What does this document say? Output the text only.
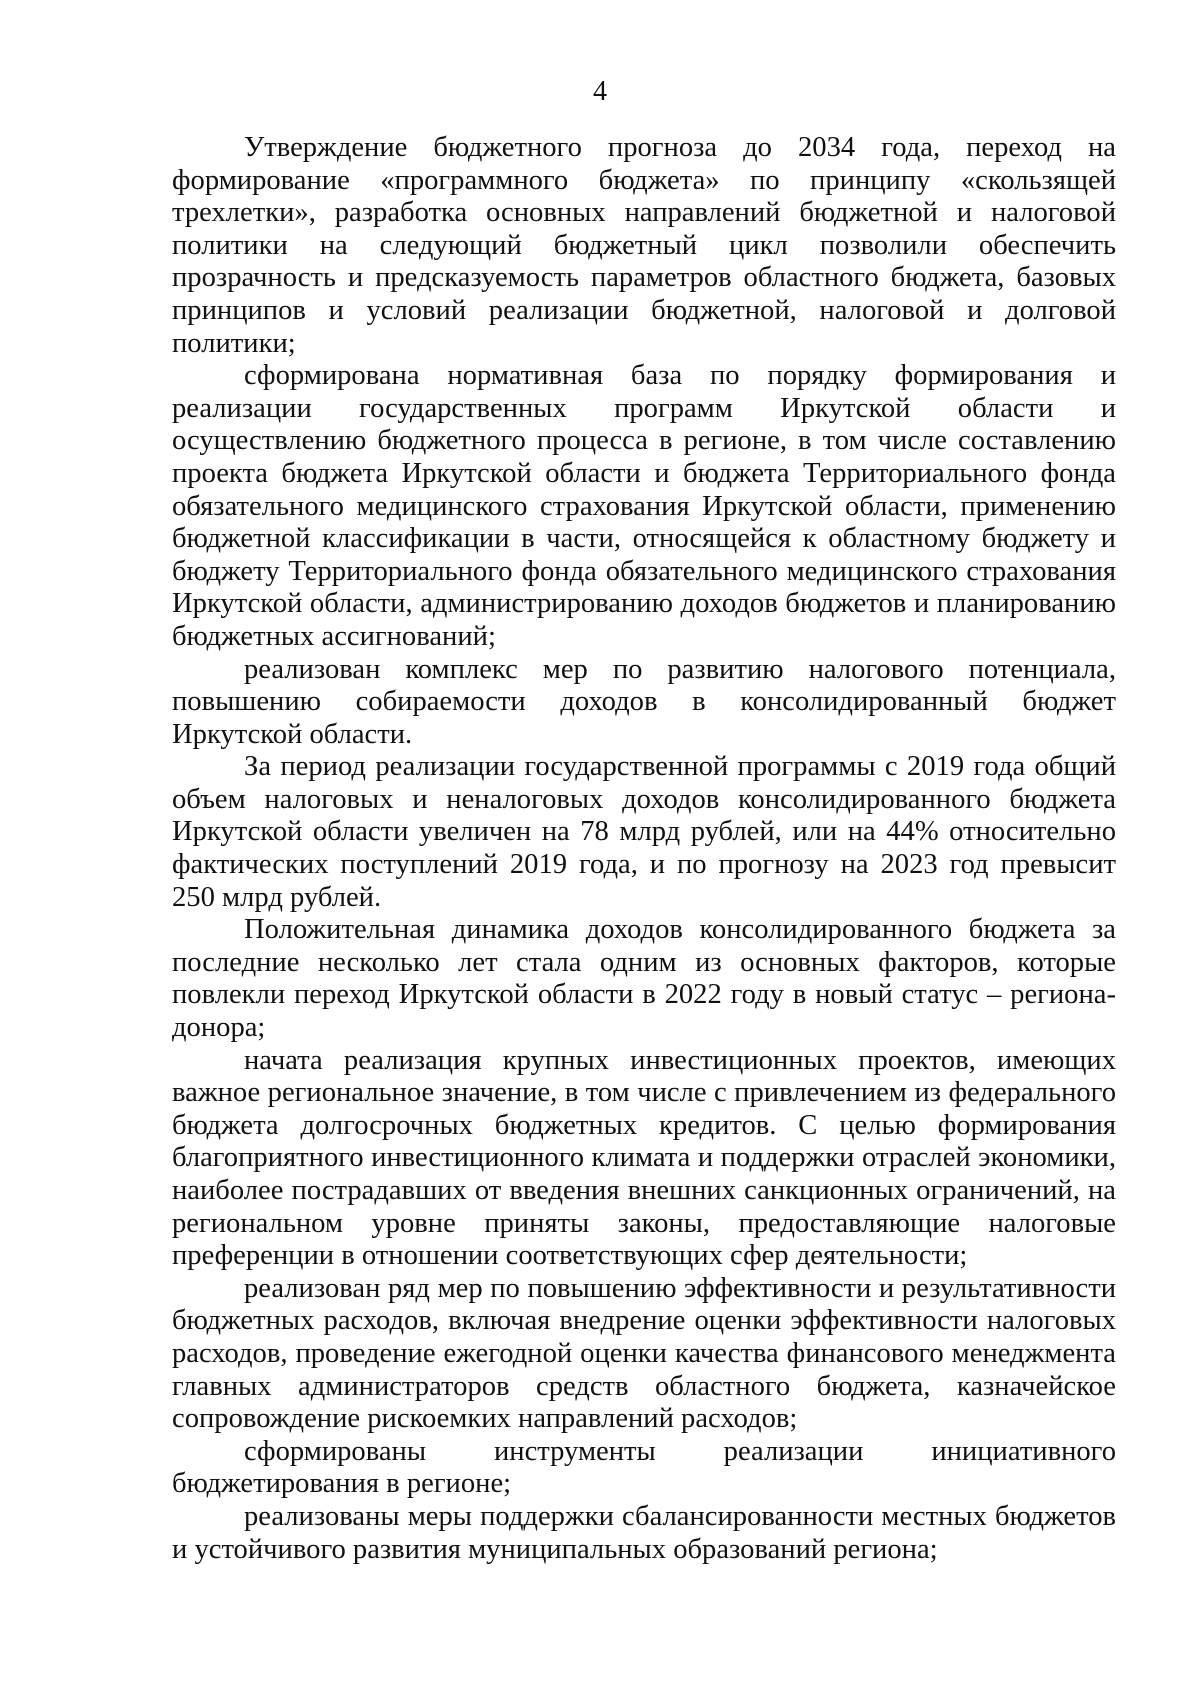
4

Утверждение бюджетного прогноза до 2034 года, переход на формирование «программного бюджета» по принципу «скользящей трехлетки», разработка основных направлений бюджетной и налоговой политики на следующий бюджетный цикл позволили обеспечить прозрачность и предсказуемость параметров областного бюджета, базовых принципов и условий реализации бюджетной, налоговой и долговой политики;

сформирована нормативная база по порядку формирования и реализации государственных программ Иркутской области и осуществлению бюджетного процесса в регионе, в том числе составлению проекта бюджета Иркутской области и бюджета Территориального фонда обязательного медицинского страхования Иркутской области, применению бюджетной классификации в части, относящейся к областному бюджету и бюджету Территориального фонда обязательного медицинского страхования Иркутской области, администрированию доходов бюджетов и планированию бюджетных ассигнований;

реализован комплекс мер по развитию налогового потенциала, повышению собираемости доходов в консолидированный бюджет Иркутской области.

За период реализации государственной программы с 2019 года общий объем налоговых и неналоговых доходов консолидированного бюджета Иркутской области увеличен на 78 млрд рублей, или на 44% относительно фактических поступлений 2019 года, и по прогнозу на 2023 год превысит 250 млрд рублей.

Положительная динамика доходов консолидированного бюджета за последние несколько лет стала одним из основных факторов, которые повлекли переход Иркутской области в 2022 году в новый статус – региона-донора;

начата реализация крупных инвестиционных проектов, имеющих важное региональное значение, в том числе с привлечением из федерального бюджета долгосрочных бюджетных кредитов. С целью формирования благоприятного инвестиционного климата и поддержки отраслей экономики, наиболее пострадавших от введения внешних санкционных ограничений, на региональном уровне приняты законы, предоставляющие налоговые преференции в отношении соответствующих сфер деятельности;

реализован ряд мер по повышению эффективности и результативности бюджетных расходов, включая внедрение оценки эффективности налоговых расходов, проведение ежегодной оценки качества финансового менеджмента главных администраторов средств областного бюджета, казначейское сопровождение рискоемких направлений расходов;

сформированы инструменты реализации инициативного бюджетирования в регионе;

реализованы меры поддержки сбалансированности местных бюджетов и устойчивого развития муниципальных образований региона;
